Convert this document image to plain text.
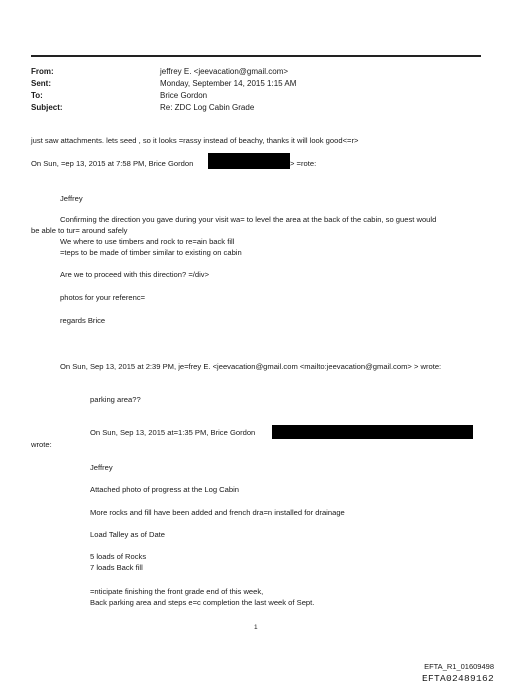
From:	jeffrey E. <jeevacation@gmail.com>
Sent:	Monday, September 14, 2015 1:15 AM
To:	Brice Gordon
Subject:	Re: ZDC Log Cabin Grade
just saw attachments. lets seed , so it looks =rassy instead of beachy, thanks it will look good<=r>
On Sun, =ep 13, 2015 at 7:58 PM, Brice Gordon	> =rote:
Jeffrey
Confirming the direction you gave during your visit wa= to level the area at the back of the cabin, so guest would
be able to tur= around safely
We where to use timbers and rock to re=ain back fill
=teps to be made of timber similar to existing on cabin
Are we to proceed with this direction? =/div>
photos for your referenc=
regards Brice
On Sun, Sep 13, 2015 at 2:39 PM, je=frey E. <jeevacation@gmail.com <mailto:jeevacation@gmail.com> > wrote:
parking area??
On Sun, Sep 13, 2015 at=1:35 PM, Brice Gordon
wrote:
Jeffrey
Attached photo of progress at the Log Cabin
More rocks and fill have been added and french dra=n installed for drainage
Load Talley as of Date
5 loads of Rocks
7 loads Back fill
=nticipate finishing the front grade end of this week,
Back parking area and steps e=c completion the last week of Sept.
1
EFTA_R1_01609498
EFTA02489162
